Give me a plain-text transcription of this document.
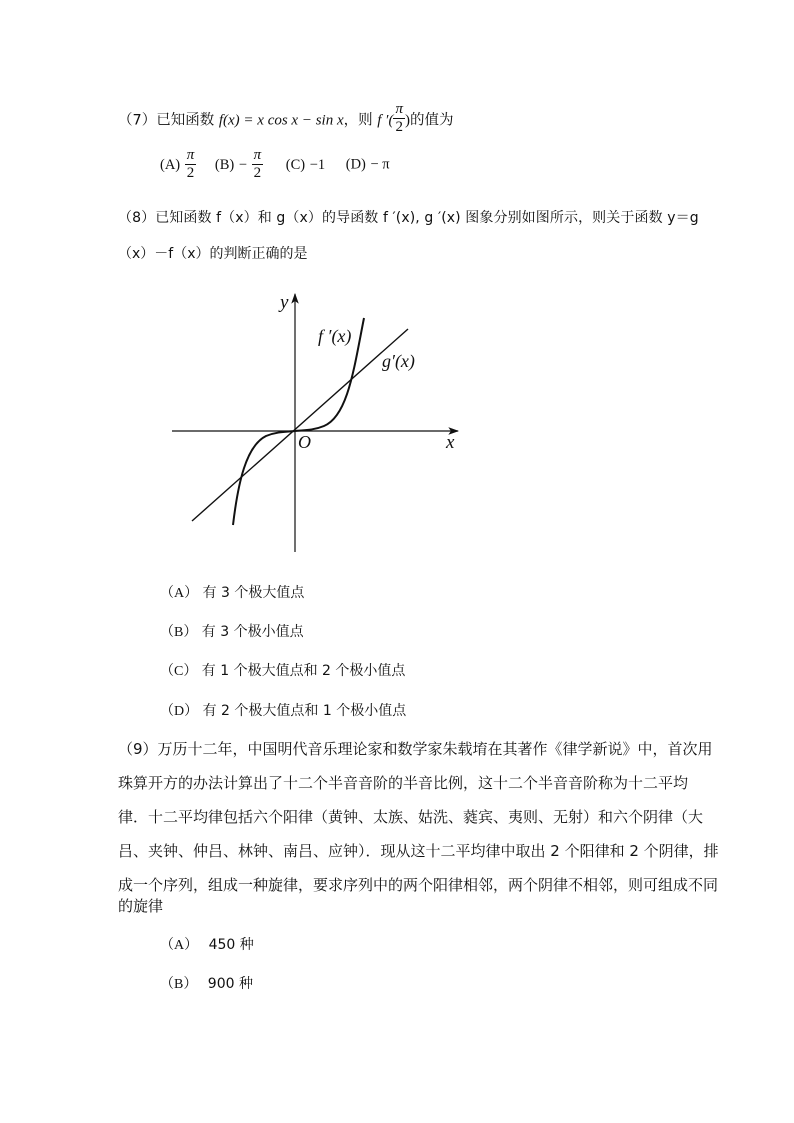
（7）已知函数 f(x) = x cos x − sin x，则 f ′( $\frac{\pi}{2}$ )的值为
$(A) \frac{\pi}{2} (B) - \frac{\pi}{2} (C) -1$ (D) − π
（8）已知函数 f（x）和 g（x）的导函数 f ′(x), g ′(x) 图象分别如图所示，则关于函数 y＝g
（x）－f（x）的判断正确的是
y
x
O
f ′(x)
g′(x)
（A） 有 3 个极大值点
（B） 有 3 个极小值点
（C） 有 1 个极大值点和 2 个极小值点
（D） 有 2 个极大值点和 1 个极小值点
（9）万历十二年，中国明代音乐理论家和数学家朱载堉在其著作《律学新说》中，首次用
珠算开方的办法计算出了十二个半音音阶的半音比例，这十二个半音音阶称为十二平均
律．十二平均律包括六个阳律（黄钟、太族、姑洗、蕤宾、夷则、无射）和六个阴律（大
吕、夹钟、仲吕、林钟、南吕、应钟）．现从这十二平均律中取出 2 个阳律和 2 个阴律，排
成一个序列，组成一种旋律，要求序列中的两个阳律相邻，两个阴律不相邻，则可组成不同
的旋律
（A） 450 种
（B） 900 种
